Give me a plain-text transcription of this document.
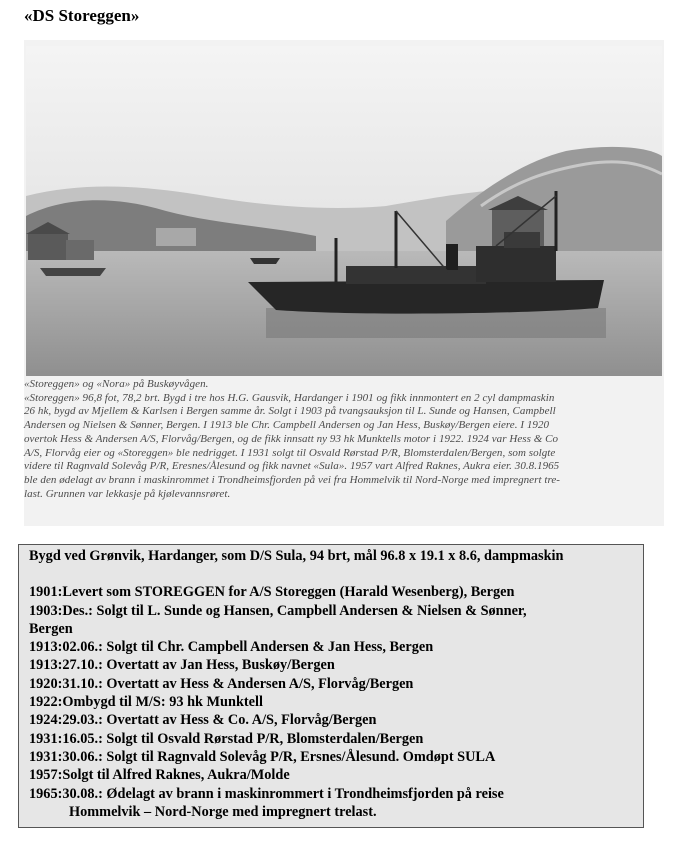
«DS Storeggen»
«Storeggen» og «Nora» på Buskøyvågen.
«Storeggen» 96,8 fot, 78,2 brt. Bygd i tre hos H.G. Gausvik, Hardanger i 1901 og fikk innmontert en 2 cyl dampmaskin
26 hk, bygd av Mjellem & Karlsen i Bergen samme år. Solgt i 1903 på tvangsauksjon til L. Sunde og Hansen, Campbell
Andersen og Nielsen & Sønner, Bergen. I 1913 ble Chr. Campbell Andersen og Jan Hess, Buskøy/Bergen eiere. I 1920
overtok Hess & Andersen A/S, Florvåg/Bergen, og de fikk innsatt ny 93 hk Munktells motor i 1922. 1924 var Hess & Co
A/S, Florvåg eier og «Storeggen» ble nedrigget. I 1931 solgt til Osvald Rørstad P/R, Blomsterdalen/Bergen, som solgte
videre til Ragnvald Solevåg P/R, Eresnes/Ålesund og fikk navnet «Sula». 1957 vart Alfred Raknes, Aukra eier. 30.8.1965
ble den ødelagt av brann i maskinrommet i Trondheimsfjorden på vei fra Hommelvik til Nord-Norge med impregnert tre-
last. Grunnen var lekkasje på kjølevannsrøret.
Bygd ved Grønvik, Hardanger, som D/S Sula, 94 brt, mål 96.8 x 19.1 x 8.6, dampmaskin
1901: Levert som STOREGGEN for A/S Storeggen (Harald Wesenberg), Bergen
1903: Des.: Solgt til L. Sunde og Hansen, Campbell Andersen & Nielsen & Sønner,
Bergen
1913: 02.06.: Solgt til Chr. Campbell Andersen & Jan Hess, Bergen
1913: 27.10.: Overtatt av Jan Hess, Buskøy/Bergen
1920: 31.10.: Overtatt av Hess & Andersen A/S, Florvåg/Bergen
1922: Ombygd til M/S: 93 hk Munktell
1924: 29.03.: Overtatt av Hess & Co. A/S, Florvåg/Bergen
1931: 16.05.: Solgt til Osvald Rørstad P/R, Blomsterdalen/Bergen
1931: 30.06.: Solgt til Ragnvald Solevåg P/R, Ersnes/Ålesund. Omdøpt SULA
1957: Solgt til Alfred Raknes, Aukra/Molde
1965: 30.08.: Ødelagt av brann i maskinrommert i Trondheimsfjorden på reise
Hommelvik – Nord-Norge med impregnert trelast.
